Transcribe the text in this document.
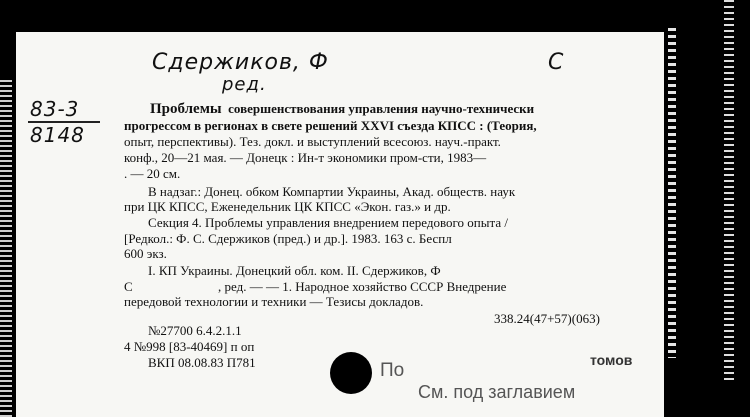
Сдержиков, Ф	С
ред.
83-3
8148
Проблемы совершенствования управления научно-технически
прогрессом в регионах в свете решений XXVI съезда КПСС : (Теория,
опыт, перспективы). Тез. докл. и выступлений всесоюз. науч.-практ.
конф., 20—21 мая. — Донецк : Ин-т экономики пром-сти, 1983—
. — 20 см.
В надзаг.: Донец. обком Компартии Украины, Акад. обществ. наук
при ЦК КПСС, Еженедельник ЦК КПСС «Экон. газ.» и др.
Секция 4. Проблемы управления внедрением передового опыта /
[Редкол.: Ф. С. Сдержиков (пред.) и др.]. 1983. 163 с. Беспл
600 экз.
I. КП Украины. Донецкий обл. ком. II. Сдержиков, Ф
С	, ред. — — 1. Народное хозяйство СССР Внедрение
передовой технологии и техники — Тезисы докладов.
338.24(47+57)(063)
№27700 6.4.2.1.1
4 №998 [83-40469] п оп
ВКП 08.08.83 П781	По	томов
См. под заглавием
